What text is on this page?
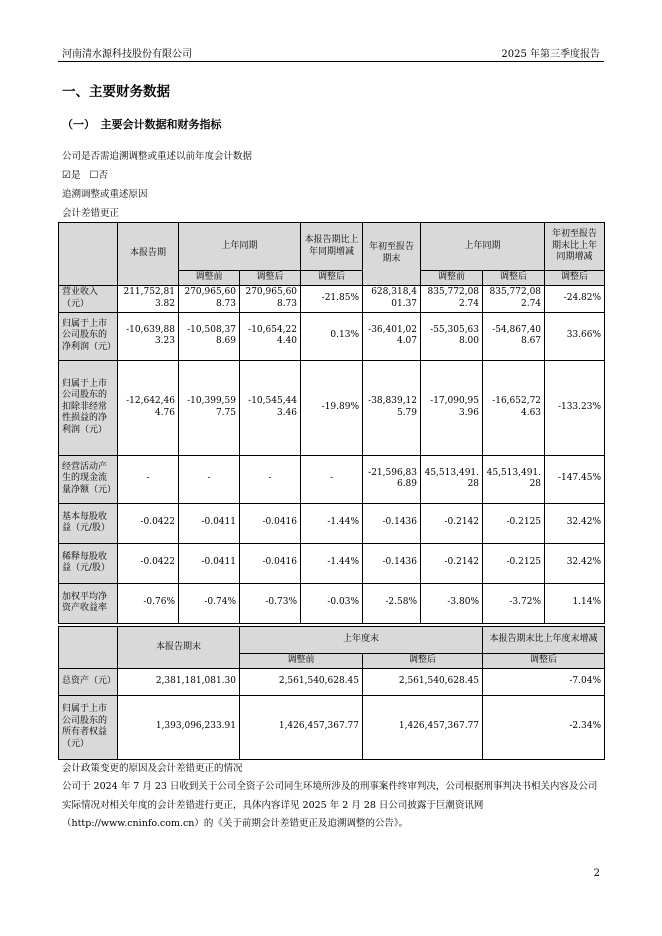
河南清水源科技股份有限公司	2025 年第三季度报告
一、主要财务数据
（一）　主要会计数据和财务指标
公司是否需追溯调整或重述以前年度会计数据
☑是 ☐否
追溯调整或重述原因
会计差错更正
	本报告期	上年同期		本报告期比上年同期增减	年初至报告期末	上年同期		年初至报告期末比上年同期增减
		调整前	调整后	调整后		调整前	调整后	调整后
营业收入（元）	211,752,813.82	270,965,608.73	270,965,608.73	-21.85%	628,318,401.37	835,772,082.74	835,772,082.74	-24.82%
归属于上市公司股东的净利润（元）	-10,639,883.23	-10,508,378.69	-10,654,224.40	0.13%	-36,401,024.07	-55,305,638.00	-54,867,408.67	33.66%
归属于上市公司股东的扣除非经常性损益的净利润（元）	-12,642,464.76	-10,399,597.75	-10,545,443.46	-19.89%	-38,839,125.79	-17,090,953.96	-16,652,724.63	-133.23%
经营活动产生的现金流量净额（元）	-	-	-	-	-21,596,836.89	45,513,491.28	45,513,491.28	-147.45%
基本每股收益（元/股）	-0.0422	-0.0411	-0.0416	-1.44%	-0.1436	-0.2142	-0.2125	32.42%
稀释每股收益（元/股）	-0.0422	-0.0411	-0.0416	-1.44%	-0.1436	-0.2142	-0.2125	32.42%
加权平均净资产收益率	-0.76%	-0.74%	-0.73%	-0.03%	-2.58%	-3.80%	-3.72%	1.14%
	本报告期末	上年度末		本报告期末比上年度末增减
		调整前	调整后	调整后
总资产（元）	2,381,181,081.30	2,561,540,628.45	2,561,540,628.45	-7.04%
归属于上市公司股东的所有者权益（元）	1,393,096,233.91	1,426,457,367.77	1,426,457,367.77	-2.34%
会计政策变更的原因及会计差错更正的情况
公司于 2024 年 7 月 23 日收到关于公司全资子公司同生环境所涉及的刑事案件终审判决，公司根据刑事判决书相关内容及公司实际情况对相关年度的会计差错进行更正，具体内容详见 2025 年 2 月 28 日公司披露于巨潮资讯网（http://www.cninfo.com.cn）的《关于前期会计差错更正及追溯调整的公告》。
2
